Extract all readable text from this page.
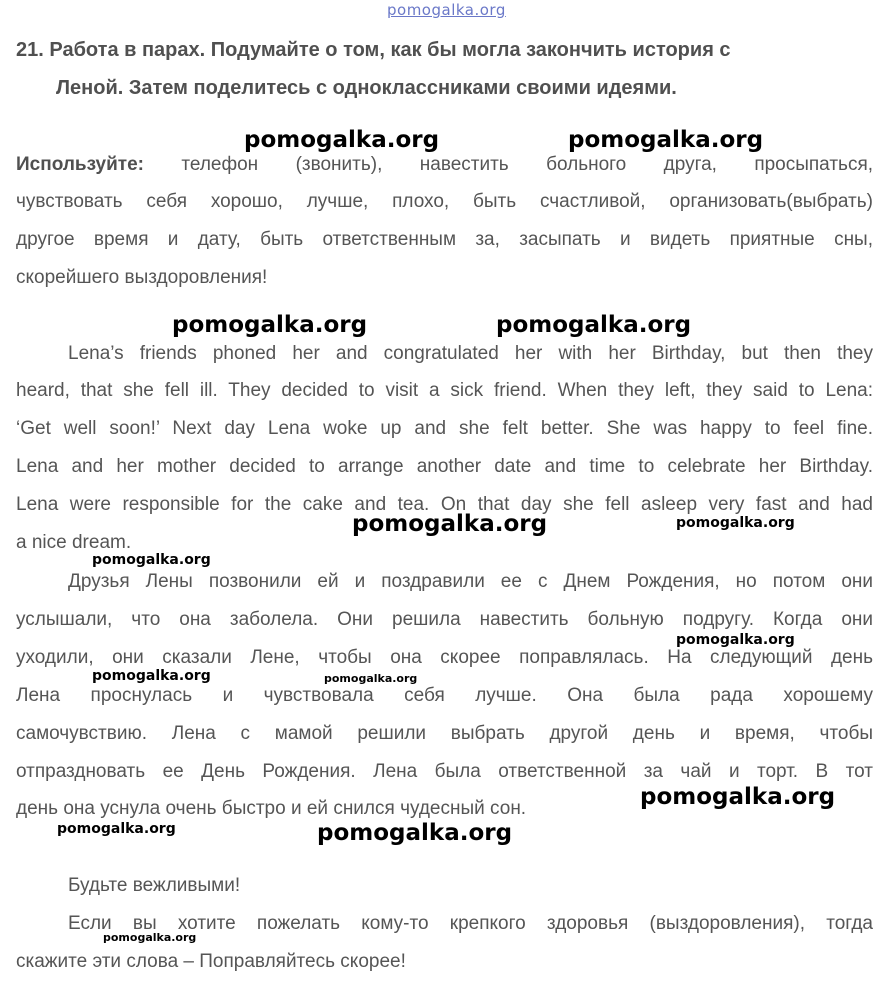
pomogalka.org
21. Работа в парах. Подумайте о том, как бы могла закончить история с
Леной. Затем поделитесь с одноклассниками своими идеями.
pomogalka.org	pomogalka.org
Используйте: телефон (звонить), навестить больного друга, просыпаться,
чувствовать себя хорошо, лучше, плохо, быть счастливой, организовать(выбрать)
другое время и дату, быть ответственным за, засыпать и видеть приятные сны,
скорейшего выздоровления!
pomogalka.org	pomogalka.org
Lena’s friends phoned her and congratulated her with her Birthday, but then they
heard, that she fell ill. They decided to visit a sick friend. When they left, they said to Lena:
‘Get well soon!’ Next day Lena woke up and she felt better. She was happy to feel fine.
Lena and her mother decided to arrange another date and time to celebrate her Birthday.
Lena were responsible for the cake and tea. On that day she fell asleep very fast and had
a nice dream.
pomogalka.org	pomogalka.org
pomogalka.org
Друзья Лены позвонили ей и поздравили ее с Днем Рождения, но потом они
услышали, что она заболела. Они решила навестить больную подругу. Когда они
уходили, они сказали Лене, чтобы она скорее поправлялась. На следующий день
Лена проснулась и чувствовала себя лучше. Она была рада хорошему
самочувствию. Лена с мамой решили выбрать другой день и время, чтобы
отпраздновать ее День Рождения. Лена была ответственной за чай и торт. В тот
день она уснула очень быстро и ей снился чудесный сон.
pomogalka.org
pomogalka.org	pomogalka.org
pomogalka.org
pomogalka.org	pomogalka.org
Будьте вежливыми!
Если вы хотите пожелать кому-то крепкого здоровья (выздоровления), тогда
pomogalka.org
скажите эти слова – Поправляйтесь скорее!
